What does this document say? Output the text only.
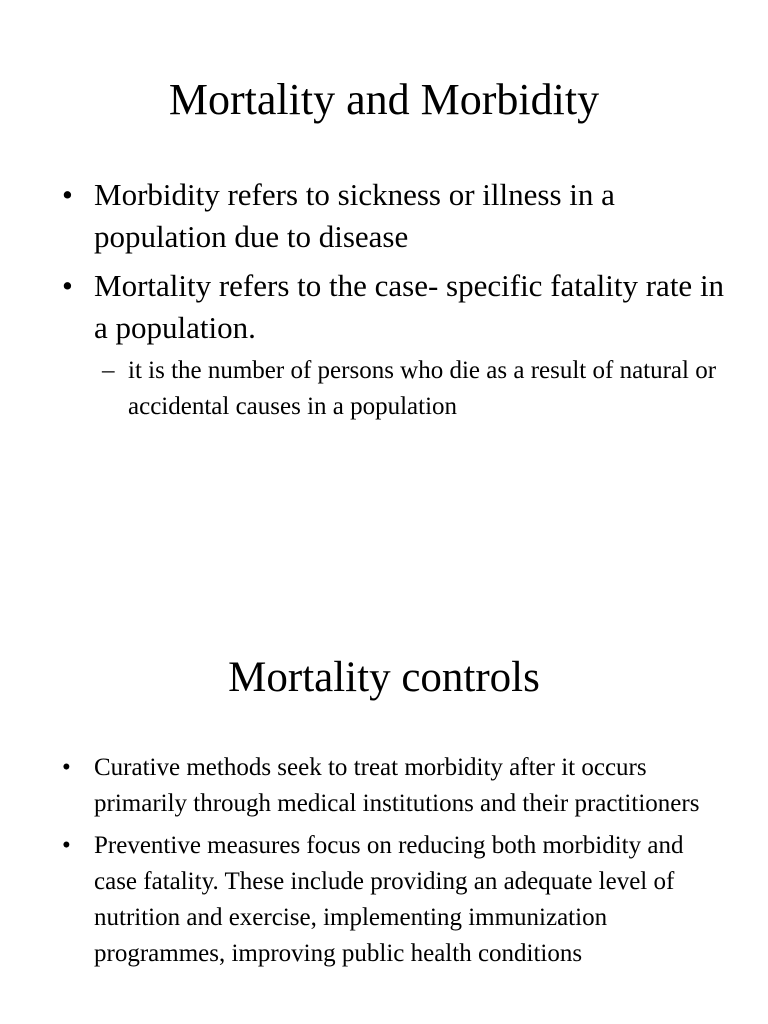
Mortality and Morbidity
• Morbidity refers to sickness or illness in a population due to disease
• Mortality refers to the case- specific fatality rate in a population.
– it is the number of persons who die as a result of natural or accidental causes in a population
Mortality controls
• Curative methods seek to treat morbidity after it occurs primarily through medical institutions and their practitioners
• Preventive measures focus on reducing both morbidity and case fatality. These include providing an adequate level of nutrition and exercise, implementing immunization programmes, improving public health conditions
